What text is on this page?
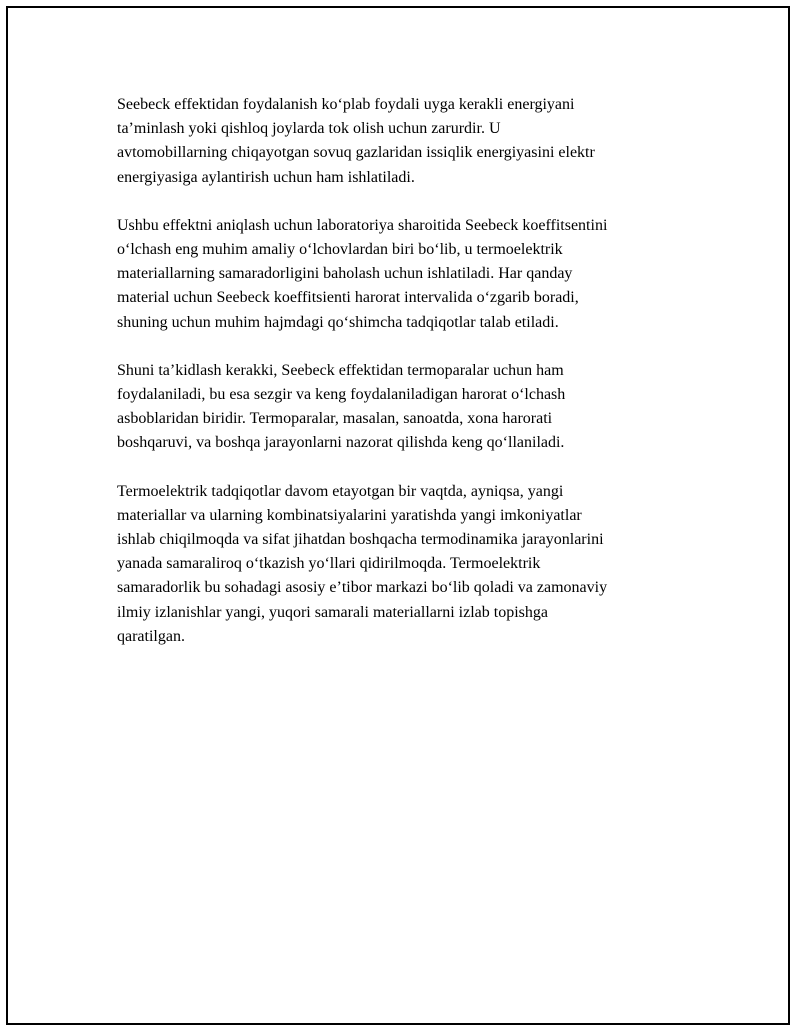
Seebeck effektidan foydalanish koʻplab foydali uyga kerakli energiyani
taʼminlash yoki qishloq joylarda tok olish uchun zarurdir. U
avtomobillarning chiqayotgan sovuq gazlaridan issiqlik energiyasini elektr
energiyasiga aylantirish uchun ham ishlatiladi.

Ushbu effektni aniqlash uchun laboratoriya sharoitida Seebeck koeffitsentini
oʻlchash eng muhim amaliy oʻlchovlardan biri boʻlib, u termoelektrik
materiallarning samaradorligini baholash uchun ishlatiladi. Har qanday
material uchun Seebeck koeffitsienti harorat intervalida oʻzgarib boradi,
shuning uchun muhim hajmdagi qoʻshimcha tadqiqotlar talab etiladi.

Shuni taʼkidlash kerakki, Seebeck effektidan termoparalar uchun ham
foydalaniladi, bu esa sezgir va keng foydalaniladigan harorat oʻlchash
asboblaridan biridir. Termoparalar, masalan, sanoatda, xona harorati
boshqaruvi, va boshqa jarayonlarni nazorat qilishda keng qoʻllaniladi.

Termoelektrik tadqiqotlar davom etayotgan bir vaqtda, ayniqsa, yangi
materiallar va ularning kombinatsiyalarini yaratishda yangi imkoniyatlar
ishlab chiqilmoqda va sifat jihatdan boshqacha termodinamika jarayonlarini
yanada samaraliroq oʻtkazish yoʻllari qidirilmoqda. Termoelektrik
samaradorlik bu sohadagi asosiy eʼtibor markazi boʻlib qoladi va zamonaviy
ilmiy izlanishlar yangi, yuqori samarali materiallarni izlab topishga
qaratilgan.
